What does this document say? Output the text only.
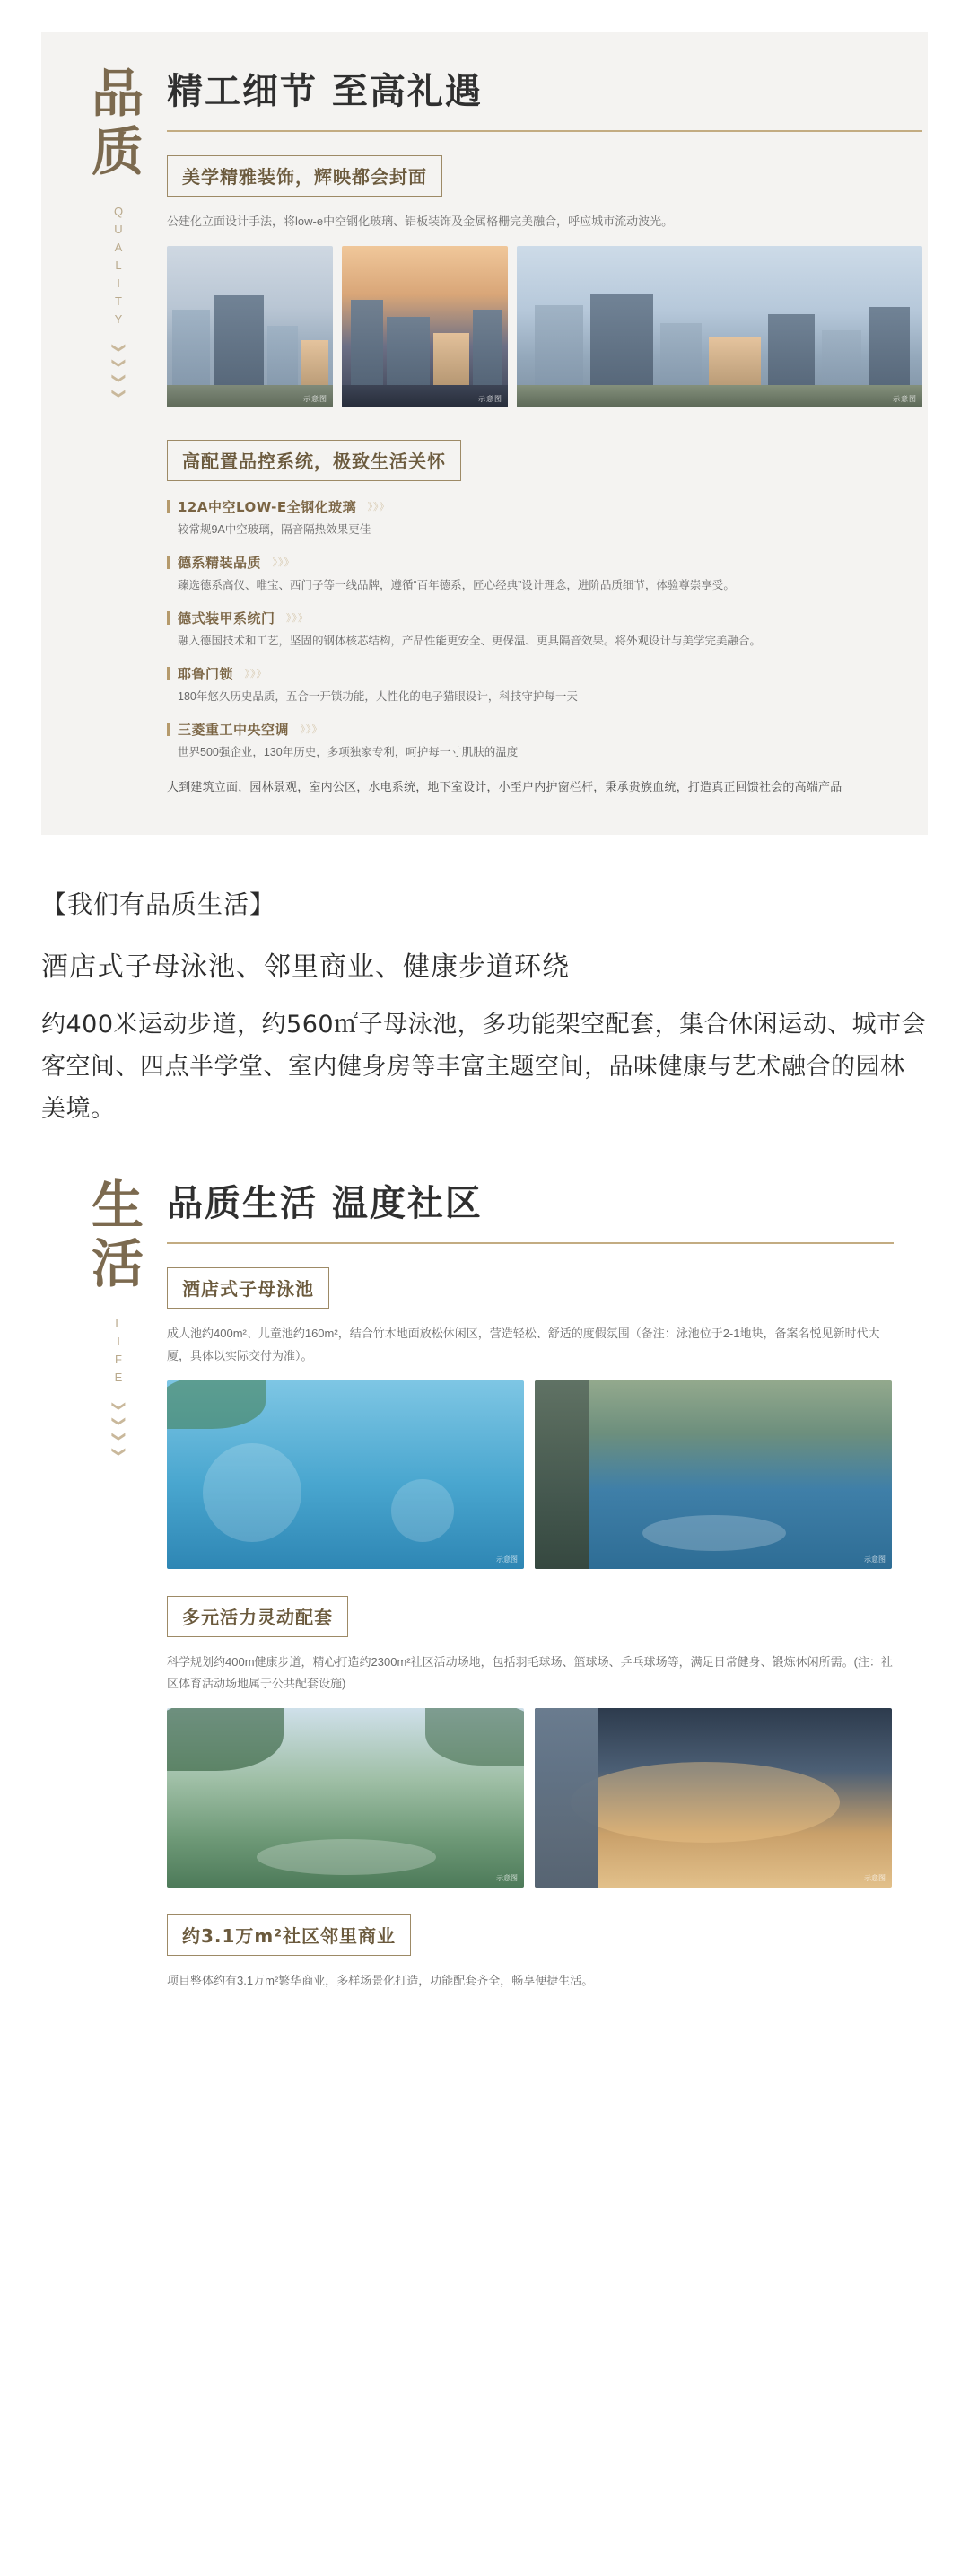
品质
QUALITY
❯
❯
❯
❯
精工细节 至高礼遇
美学精雅装饰，辉映都会封面
公建化立面设计手法，将low-e中空钢化玻璃、铝板装饰及金属格栅完美融合，呼应城市流动波光。
示意图	示意图	示意图
高配置品控系统，极致生活关怀
12A中空LOW-E全钢化玻璃 》》》
较常规9A中空玻璃，隔音隔热效果更佳
德系精装品质 》》》
臻选德系高仪、唯宝、西门子等一线品牌，遵循“百年德系，匠心经典”设计理念，进阶品质细节，体验尊崇享受。
德式装甲系统门 》》》
融入德国技术和工艺，坚固的钢体核芯结构，产品性能更安全、更保温、更具隔音效果。将外观设计与美学完美融合。
耶鲁门锁 》》》
180年悠久历史品质，五合一开锁功能，人性化的电子猫眼设计，科技守护每一天
三菱重工中央空调 》》》
世界500强企业，130年历史，多项独家专利，呵护每一寸肌肤的温度
大到建筑立面，园林景观，室内公区，水电系统，地下室设计，小至户内护窗栏杆，秉承贵族血统，打造真正回馈社会的高端产品
【我们有品质生活】
酒店式子母泳池、邻里商业、健康步道环绕
约400米运动步道，约560㎡子母泳池，多功能架空配套，集合休闲运动、城市会客空间、四点半学堂、室内健身房等丰富主题空间，品味健康与艺术融合的园林美境。
生活
LIFE
❯
❯
❯
❯
品质生活 温度社区
酒店式子母泳池
成人池约400m²、儿童池约160m²，结合竹木地面放松休闲区，营造轻松、舒适的度假氛围（备注：泳池位于2-1地块，备案名悦见新时代大厦，具体以实际交付为准）。
示意图	示意图
多元活力灵动配套
科学规划约400m健康步道，精心打造约2300m²社区活动场地，包括羽毛球场、篮球场、乒乓球场等，满足日常健身、锻炼休闲所需。(注：社区体育活动场地属于公共配套设施)
示意图	示意图
约3.1万m²社区邻里商业
项目整体约有3.1万m²繁华商业，多样场景化打造，功能配套齐全，畅享便捷生活。
